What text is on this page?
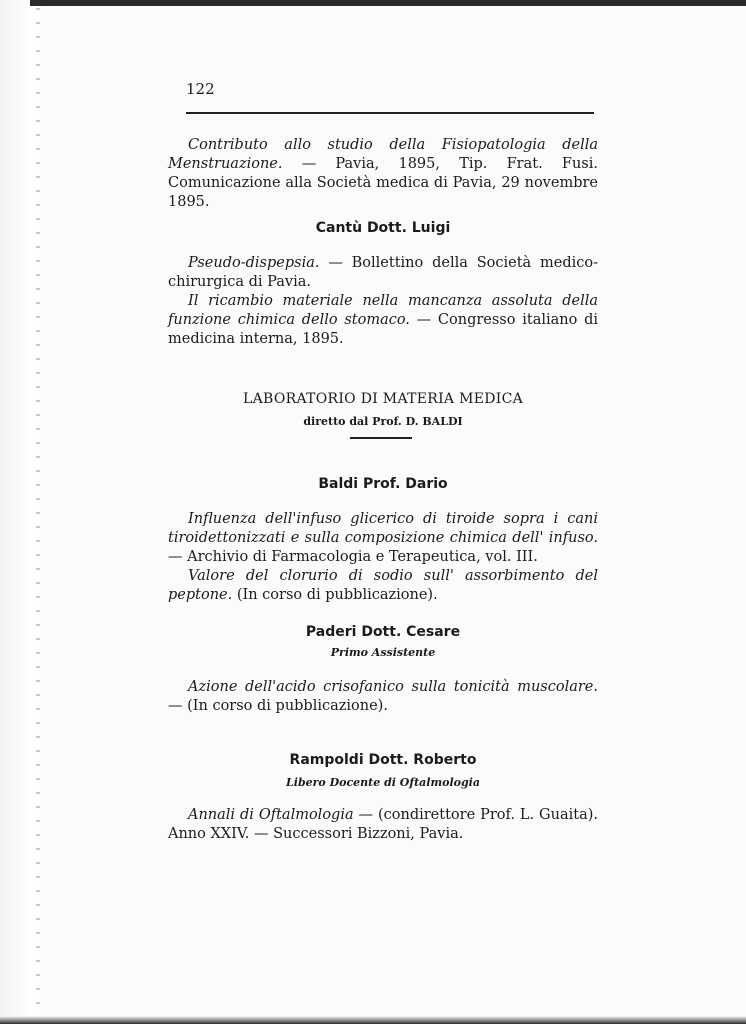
122

Contributo allo studio della Fisiopatologia della Menstruazione. — Pavia, 1895, Tip. Frat. Fusi. Comunicazione alla Società medica di Pavia, 29 novembre 1895.

Cantù Dott. Luigi

Pseudo-dispepsia. — Bollettino della Società medico-chirurgica di Pavia.

Il ricambio materiale nella mancanza assoluta della funzione chimica dello stomaco. — Congresso italiano di medicina interna, 1895.

LABORATORIO DI MATERIA MEDICA
diretto dal Prof. D. BALDI
Baldi Prof. Dario

Influenza dell'infuso glicerico di tiroide sopra i cani tiroidettonizzati e sulla composizione chimica dell' infuso. — Archivio di Farmacologia e Terapeutica, vol. III.

Valore del clorurio di sodio sull' assorbimento del peptone. (In corso di pubblicazione).

Paderi Dott. Cesare
Primo Assistente

Azione dell'acido crisofanico sulla tonicità muscolare. — (In corso di pubblicazione).

Rampoldi Dott. Roberto
Libero Docente di Oftalmologia

Annali di Oftalmologia — (condirettore Prof. L. Guaita). Anno XXIV. — Successori Bizzoni, Pavia.
